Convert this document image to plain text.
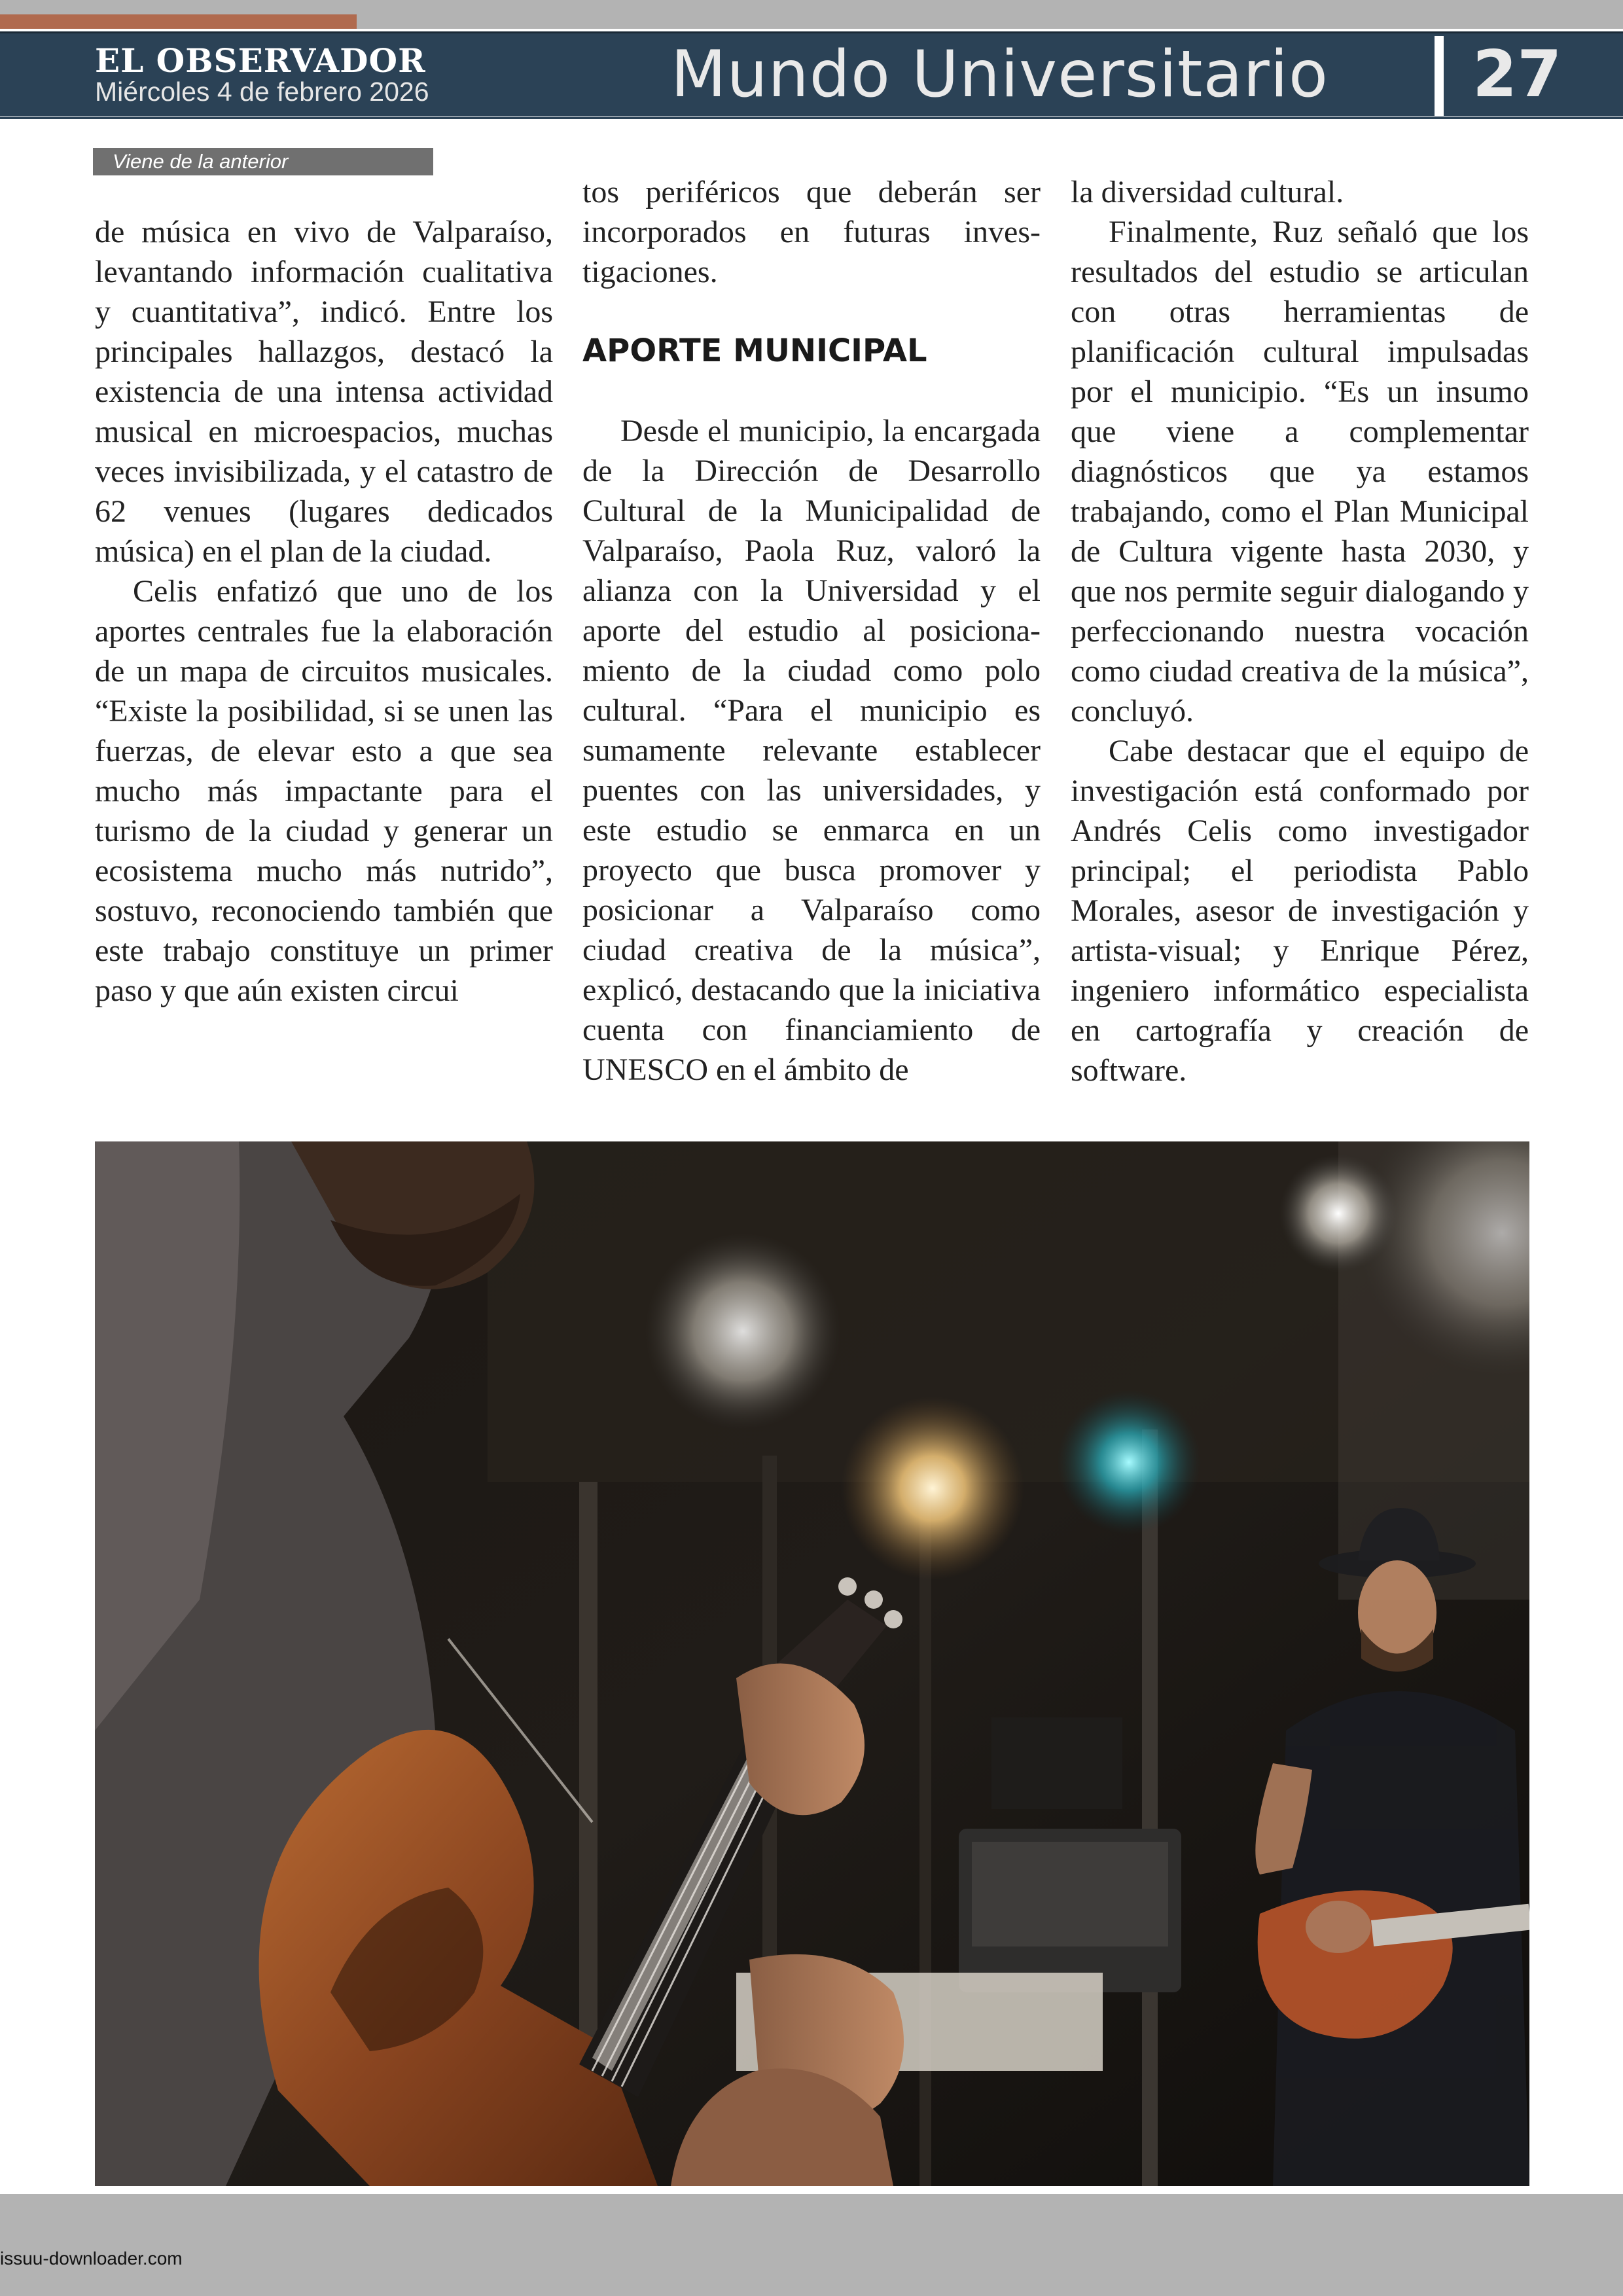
EL OBSERVADOR
Miércoles 4 de febrero 2026	Mundo Universitario 27
Viene de la anterior

de música en vivo de Valparaíso, levantando información cualitativa y cuantitativa”, indicó. Entre los principales hallazgos, destacó la existencia de una intensa actividad musical en microespacios, muchas veces invisibilizada, y el catastro de 62 venues (lugares dedicados música) en el plan de la ciudad.

Celis enfatizó que uno de los aportes centrales fue la elaboración de un mapa de circuitos musicales. “Existe la posibilidad, si se unen las fuerzas, de elevar esto a que sea mucho más impactante para el turismo de la ciudad y generar un ecosistema mucho más nutrido”, sostuvo, reconociendo también que este trabajo constituye un primer paso y que aún existen circui

tos periféricos que deberán ser incorporados en futuras investigaciones.

APORTE MUNICIPAL

Desde el municipio, la encargada de la Dirección de Desarrollo Cultural de la Municipalidad de Valparaíso, Paola Ruz, valoró la alianza con la Universidad y el aporte del estudio al posicionamiento de la ciudad como polo cultural. “Para el municipio es sumamente relevante establecer puentes con las universidades, y este estudio se enmarca en un proyecto que busca promover y posicionar a Valparaíso como ciudad creativa de la música”, explicó, destacando que la iniciativa cuenta con financiamiento de UNESCO en el ámbito de

la diversidad cultural.

Finalmente, Ruz señaló que los resultados del estudio se articulan con otras herramientas de planificación cultural impulsadas por el municipio. “Es un insumo que viene a complementar diagnósticos que ya estamos trabajando, como el Plan Municipal de Cultura vigente hasta 2030, y que nos permite seguir dialogando y perfeccionando nuestra vocación como ciudad creativa de la música”, concluyó.

Cabe destacar que el equipo de investigación está conformado por Andrés Celis como investigador principal; el periodista Pablo Morales, asesor de investigación y artista-visual; y Enrique Pérez, ingeniero informático especialista en cartografía y creación de software.

issuu-downloader.com
